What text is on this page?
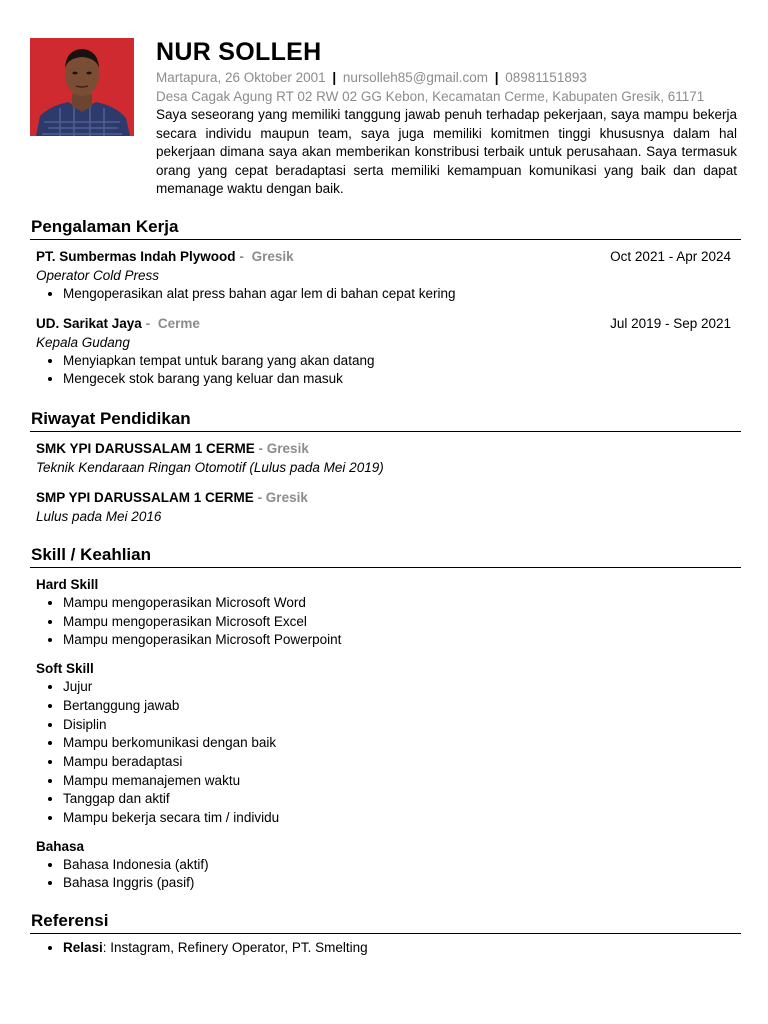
NUR SOLLEH
Martapura, 26 Oktober 2001 | nursolleh85@gmail.com | 08981151893
Desa Cagak Agung RT 02 RW 02 GG Kebon, Kecamatan Cerme, Kabupaten Gresik, 61171
Saya seseorang yang memiliki tanggung jawab penuh terhadap pekerjaan, saya mampu bekerja secara individu maupun team, saya juga memiliki komitmen tinggi khususnya dalam hal pekerjaan dimana saya akan memberikan konstribusi terbaik untuk perusahaan. Saya termasuk orang yang cepat beradaptasi serta memiliki kemampuan komunikasi yang baik dan dapat memanage waktu dengan baik.
Pengalaman Kerja
PT. Sumbermas Indah Plywood - Gresik	Oct 2021 - Apr 2024
Operator Cold Press
• Mengoperasikan alat press bahan agar lem di bahan cepat kering
UD. Sarikat Jaya - Cerme	Jul 2019 - Sep 2021
Kepala Gudang
• Menyiapkan tempat untuk barang yang akan datang
• Mengecek stok barang yang keluar dan masuk
Riwayat Pendidikan
SMK YPI DARUSSALAM 1 CERME - Gresik
Teknik Kendaraan Ringan Otomotif (Lulus pada Mei 2019)
SMP YPI DARUSSALAM 1 CERME - Gresik
Lulus pada Mei 2016
Skill / Keahlian
Hard Skill
• Mampu mengoperasikan Microsoft Word
• Mampu mengoperasikan Microsoft Excel
• Mampu mengoperasikan Microsoft Powerpoint
Soft Skill
• Jujur
• Bertanggung jawab
• Disiplin
• Mampu berkomunikasi dengan baik
• Mampu beradaptasi
• Mampu memanajemen waktu
• Tanggap dan aktif
• Mampu bekerja secara tim / individu
Bahasa
• Bahasa Indonesia (aktif)
• Bahasa Inggris (pasif)
Referensi
• Relasi: Instagram, Refinery Operator, PT. Smelting
